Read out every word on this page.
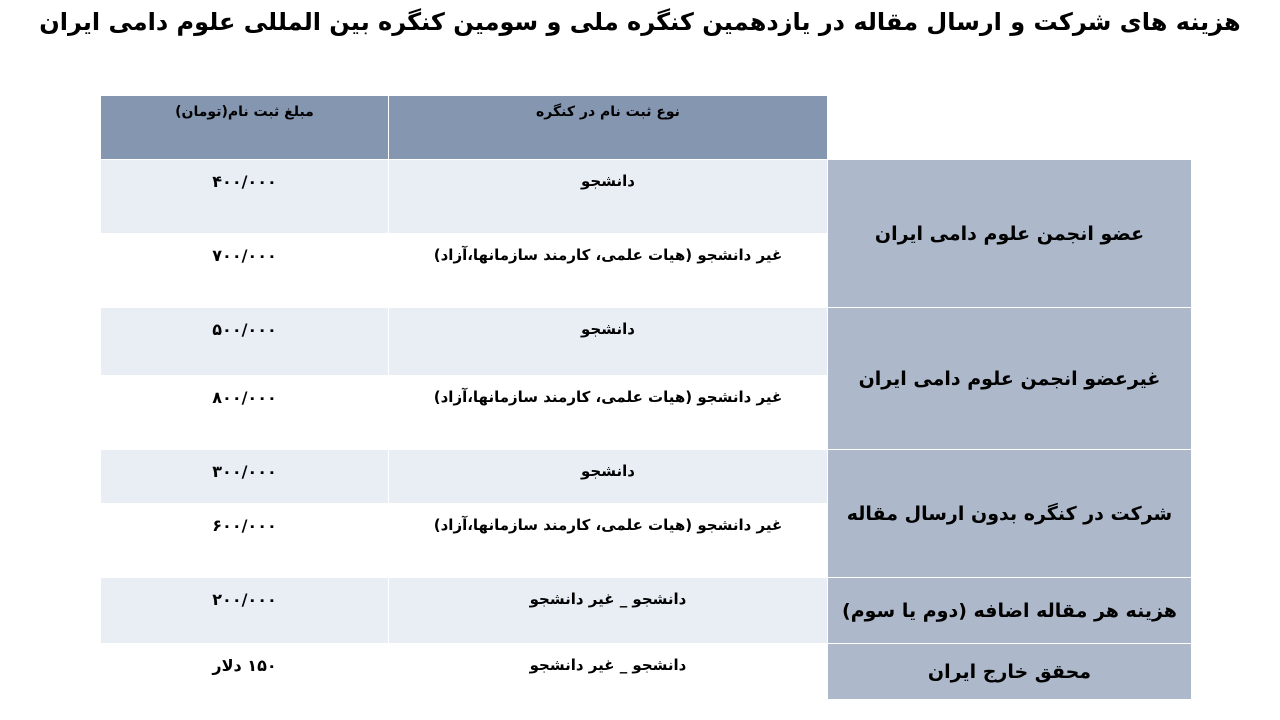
هزینه های شرکت و ارسال مقاله در یازدهمین کنگره ملی و سومین کنگره بین المللی علوم دامی ایران
مبلغ ثبت نام(تومان)	نوع ثبت نام در کنگره	
۴۰۰/۰۰۰	دانشجو	عضو انجمن علوم دامی ایران
۷۰۰/۰۰۰	غیر دانشجو (هیات علمی، کارمند سازمانها،آزاد)	
۵۰۰/۰۰۰	دانشجو	غیرعضو انجمن علوم دامی ایران
۸۰۰/۰۰۰	غیر دانشجو (هیات علمی، کارمند سازمانها،آزاد)	
۳۰۰/۰۰۰	دانشجو	شرکت در کنگره بدون ارسال مقاله
۶۰۰/۰۰۰	غیر دانشجو (هیات علمی، کارمند سازمانها،آزاد)	
۲۰۰/۰۰۰	دانشجو _ غیر دانشجو	هزینه هر مقاله اضافه (دوم یا سوم)
۱۵۰ دلار	دانشجو _ غیر دانشجو	محقق خارج ایران
